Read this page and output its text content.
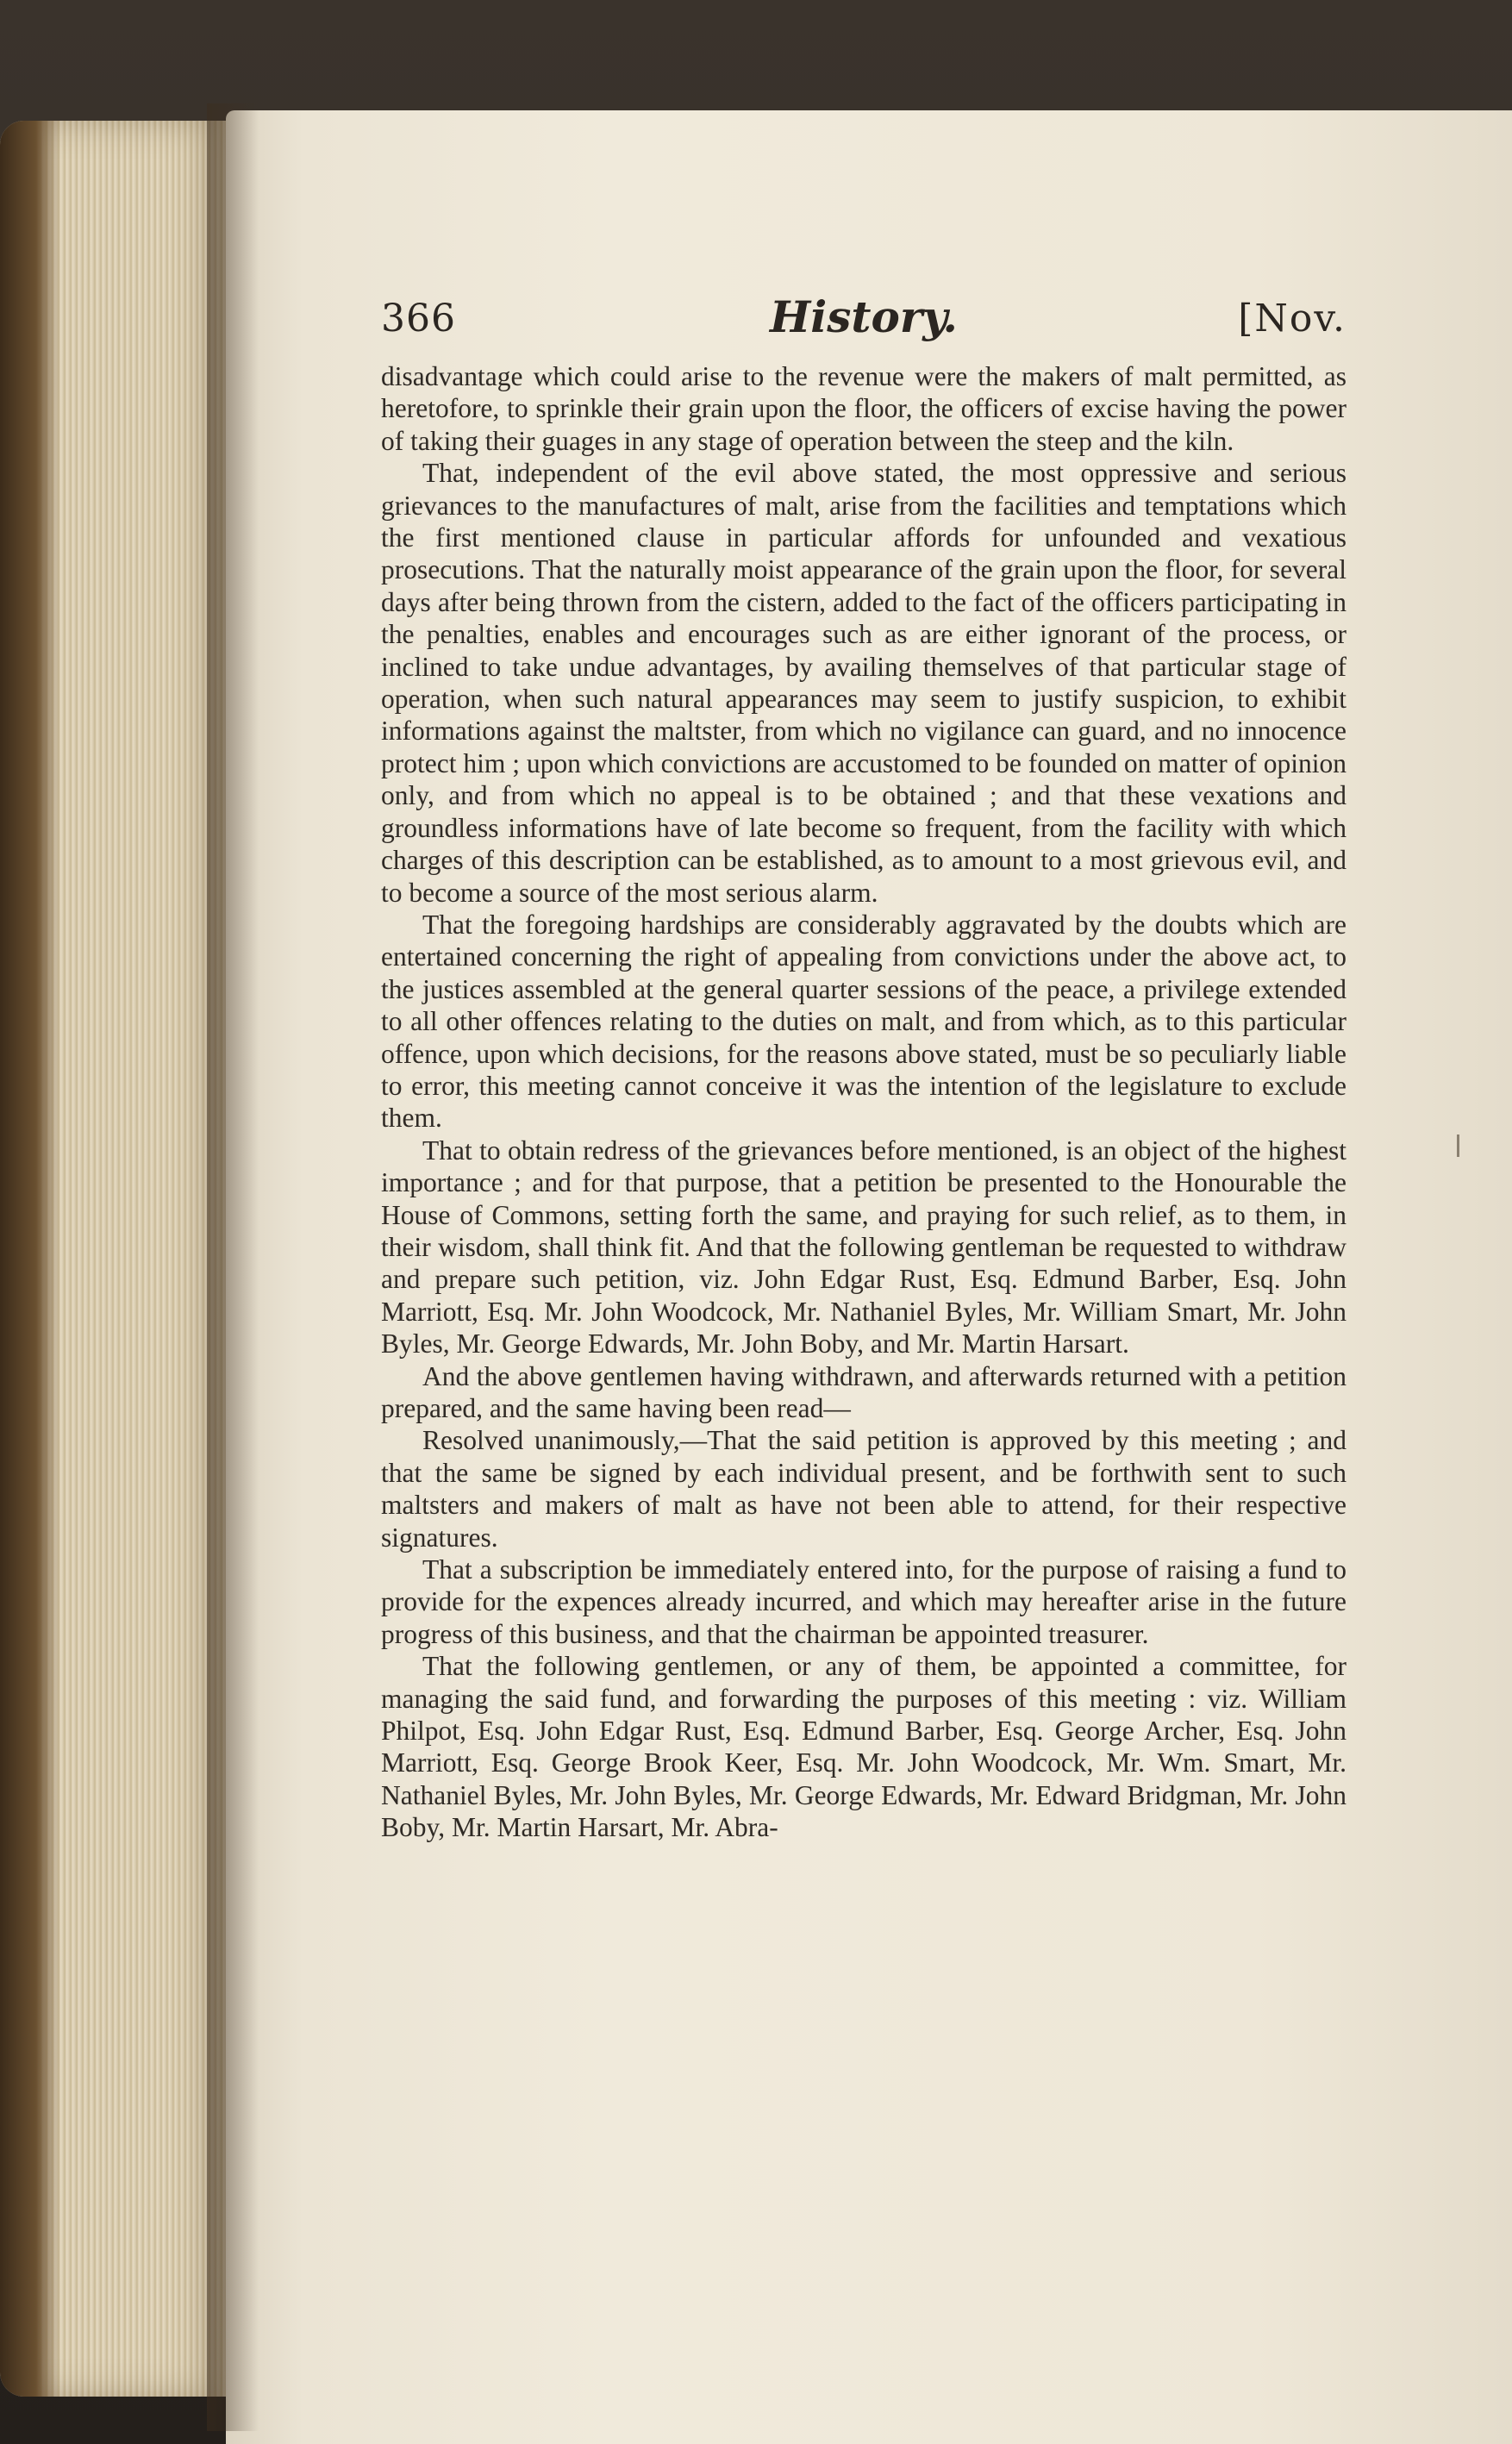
366	History.	[Nov.

disadvantage which could arise to the revenue were the makers of malt permitted, as heretofore, to sprinkle their grain upon the floor, the officers of excise having the power of taking their guages in any stage of operation between the steep and the kiln.

That, independent of the evil above stated, the most oppressive and serious grievances to the manufactures of malt, arise from the facilities and temptations which the first mentioned clause in particular affords for unfounded and vexatious prosecutions. That the naturally moist appearance of the grain upon the floor, for several days after being thrown from the cistern, added to the fact of the officers participating in the penalties, enables and encourages such as are either ignorant of the process, or inclined to take undue advantages, by availing themselves of that particular stage of operation, when such natural appearances may seem to justify suspicion, to exhibit informations against the maltster, from which no vigilance can guard, and no innocence protect him ; upon which convictions are accustomed to be founded on matter of opinion only, and from which no appeal is to be obtained ; and that these vexations and groundless informations have of late become so frequent, from the facility with which charges of this description can be established, as to amount to a most grievous evil, and to become a source of the most serious alarm.

That the foregoing hardships are considerably aggravated by the doubts which are entertained concerning the right of appealing from convictions under the above act, to the justices assembled at the general quarter sessions of the peace, a privilege extended to all other offences relating to the duties on malt, and from which, as to this particular offence, upon which decisions, for the reasons above stated, must be so peculiarly liable to error, this meeting cannot conceive it was the intention of the legislature to exclude them.

That to obtain redress of the grievances before mentioned, is an object of the highest importance ; and for that purpose, that a petition be presented to the Honourable the House of Commons, setting forth the same, and praying for such relief, as to them, in their wisdom, shall think fit. And that the following gentleman be requested to withdraw and prepare such petition, viz. John Edgar Rust, Esq. Edmund Barber, Esq. John Marriott, Esq. Mr. John Woodcock, Mr. Nathaniel Byles, Mr. William Smart, Mr. John Byles, Mr. George Edwards, Mr. John Boby, and Mr. Martin Harsart.

And the above gentlemen having withdrawn, and afterwards returned with a petition prepared, and the same having been read—

Resolved unanimously,—That the said petition is approved by this meeting ; and that the same be signed by each individual present, and be forthwith sent to such maltsters and makers of malt as have not been able to attend, for their respective signatures.

That a subscription be immediately entered into, for the purpose of raising a fund to provide for the expences already incurred, and which may hereafter arise in the future progress of this business, and that the chairman be appointed treasurer.

That the following gentlemen, or any of them, be appointed a committee, for managing the said fund, and forwarding the purposes of this meeting : viz. William Philpot, Esq. John Edgar Rust, Esq. Edmund Barber, Esq. George Archer, Esq. John Marriott, Esq. George Brook Keer, Esq. Mr. John Woodcock, Mr. Wm. Smart, Mr. Nathaniel Byles, Mr. John Byles, Mr. George Edwards, Mr. Edward Bridgman, Mr. John Boby, Mr. Martin Harsart, Mr. Abra-
